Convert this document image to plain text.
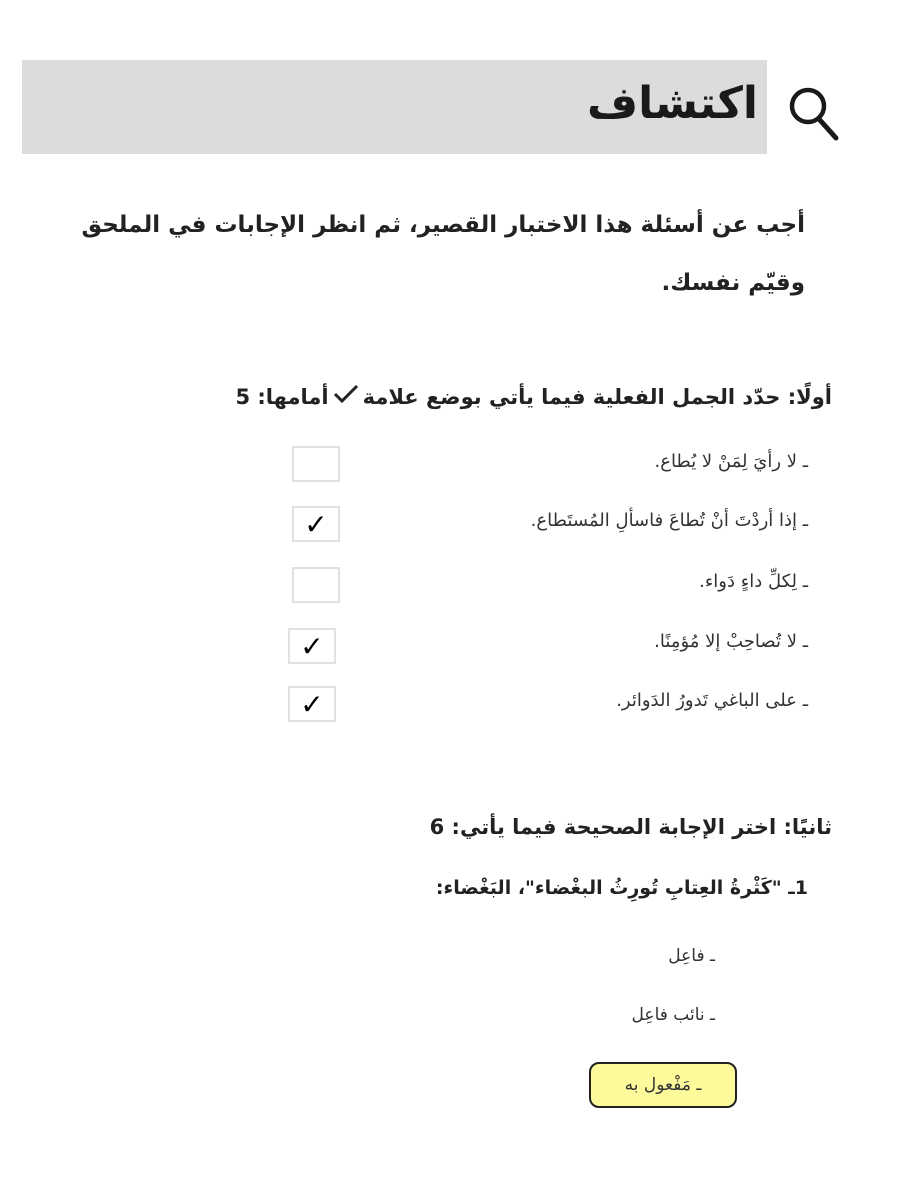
اكتشاف
أجب عن أسئلة هذا الاختبار القصير، ثم انظر الإجابات في الملحق وقيّم نفسك.
أولًا: حدّد الجمل الفعلية فيما يأتي بوضع علامةأمامها: 5
ـ لا رأيَ لِمَنْ لا يُطاع.
ـ إذا أردْتَ أنْ تُطاعَ فاسألِ المُستَطاع.
✓
ـ لِكلِّ داءٍ دَواء.
ـ لا تُصاحِبْ إلا مُؤمِنًا.
✓
ـ على الباغي تَدورُ الدَوائر.
✓
ثانيًا: اختر الإجابة الصحيحة فيما يأتي: 6
1ـ "كَثْرةُ العِتابِ تُورِثُ البغْضاء"، البَغْضاء:
ـ فاعِل
ـ نائب فاعِل
ـ مَفْعول به
